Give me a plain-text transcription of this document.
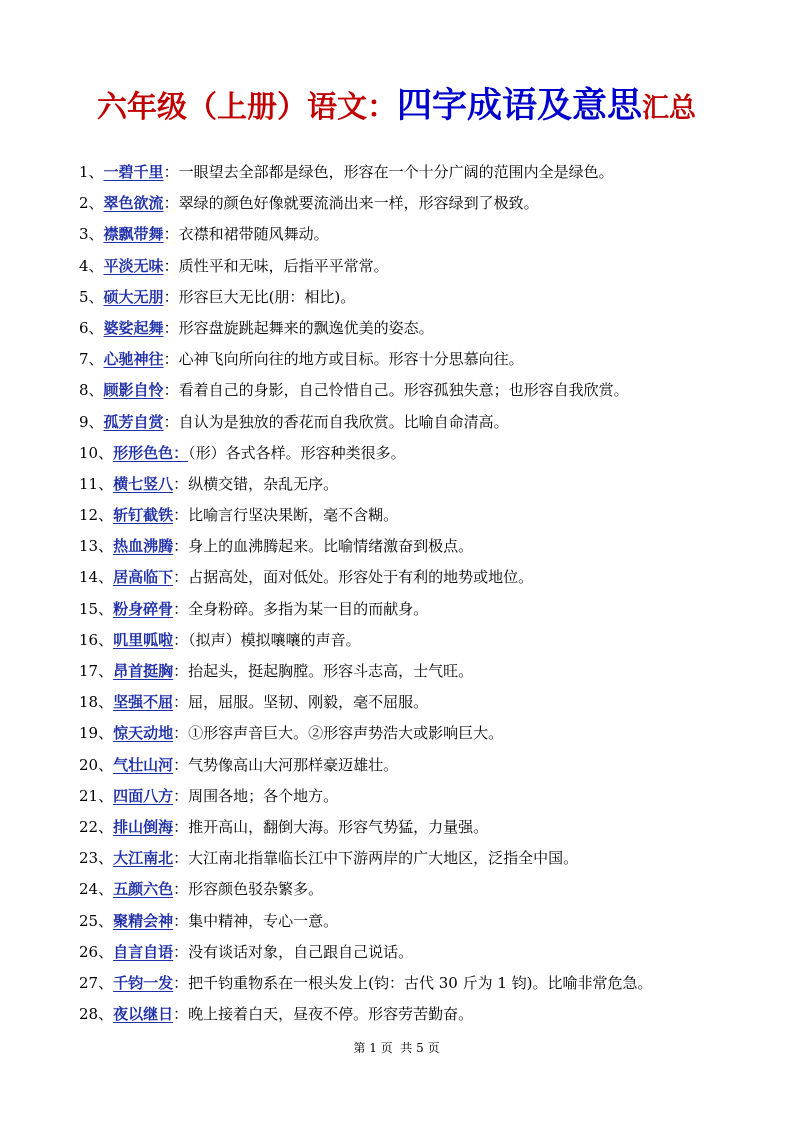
六年级（上册）语文：四字成语及意思汇总
1、一碧千里：一眼望去全部都是绿色，形容在一个十分广阔的范围内全是绿色。
2、翠色欲流：翠绿的颜色好像就要流淌出来一样，形容绿到了极致。
3、襟飘带舞：衣襟和裙带随风舞动。
4、平淡无味：质性平和无味，后指平平常常。
5、硕大无朋：形容巨大无比(朋：相比)。
6、婆娑起舞：形容盘旋跳起舞来的飘逸优美的姿态。
7、心驰神往：心神飞向所向往的地方或目标。形容十分思慕向往。
8、顾影自怜：看着自己的身影，自己怜惜自己。形容孤独失意；也形容自我欣赏。
9、孤芳自赏：自认为是独放的香花而自我欣赏。比喻自命清高。
10、形形色色：（形）各式各样。形容种类很多。
11、横七竖八：纵横交错，杂乱无序。
12、斩钉截铁：比喻言行坚决果断，毫不含糊。
13、热血沸腾：身上的血沸腾起来。比喻情绪激奋到极点。
14、居高临下：占据高处，面对低处。形容处于有利的地势或地位。
15、粉身碎骨：全身粉碎。多指为某一目的而献身。
16、叽里呱啦：（拟声）模拟嚷嚷的声音。
17、昂首挺胸：抬起头，挺起胸膛。形容斗志高，士气旺。
18、坚强不屈：屈，屈服。坚韧、刚毅，毫不屈服。
19、惊天动地：①形容声音巨大。②形容声势浩大或影响巨大。
20、气壮山河：气势像高山大河那样豪迈雄壮。
21、四面八方：周围各地；各个地方。
22、排山倒海：推开高山，翻倒大海。形容气势猛，力量强。
23、大江南北：大江南北指靠临长江中下游两岸的广大地区，泛指全中国。
24、五颜六色：形容颜色驳杂繁多。
25、聚精会神：集中精神，专心一意。
26、自言自语：没有谈话对象，自己跟自己说话。
27、千钧一发：把千钧重物系在一根头发上(钧：古代 30 斤为 1 钧)。比喻非常危急。
28、夜以继日：晚上接着白天，昼夜不停。形容劳苦勤奋。
第 1 页  共 5 页
